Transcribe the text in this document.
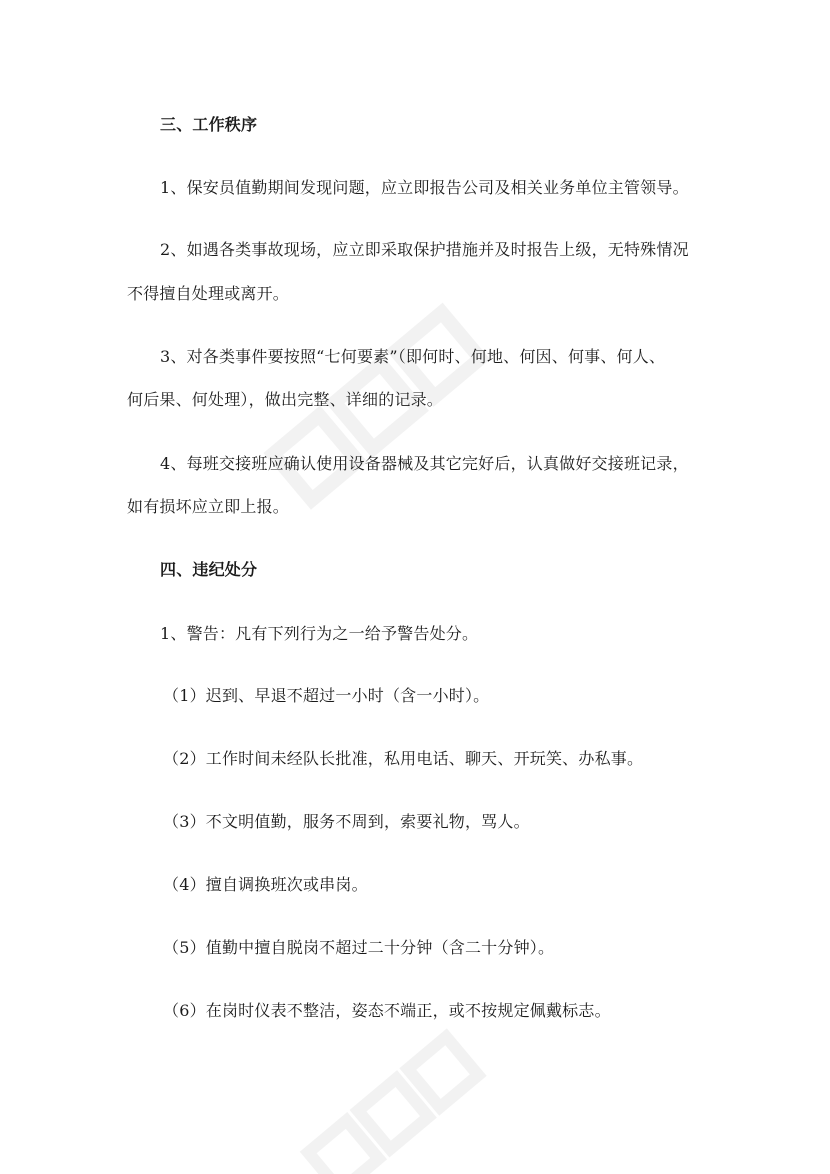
三、工作秩序
1、保安员值勤期间发现问题，应立即报告公司及相关业务单位主管领导。
2、如遇各类事故现场，应立即采取保护措施并及时报告上级，无特殊情况
不得擅自处理或离开。
3、对各类事件要按照“七何要素”（即何时、何地、何因、何事、何人、
何后果、何处理），做出完整、详细的记录。
4、每班交接班应确认使用设备器械及其它完好后，认真做好交接班记录，
如有损坏应立即上报。
四、违纪处分
1、警告：凡有下列行为之一给予警告处分。
（1）迟到、早退不超过一小时（含一小时）。
（2）工作时间未经队长批准，私用电话、聊天、开玩笑、办私事。
（3）不文明值勤，服务不周到，索要礼物，骂人。
（4）擅自调换班次或串岗。
（5）值勤中擅自脱岗不超过二十分钟（含二十分钟）。
（6）在岗时仪表不整洁，姿态不端正，或不按规定佩戴标志。
